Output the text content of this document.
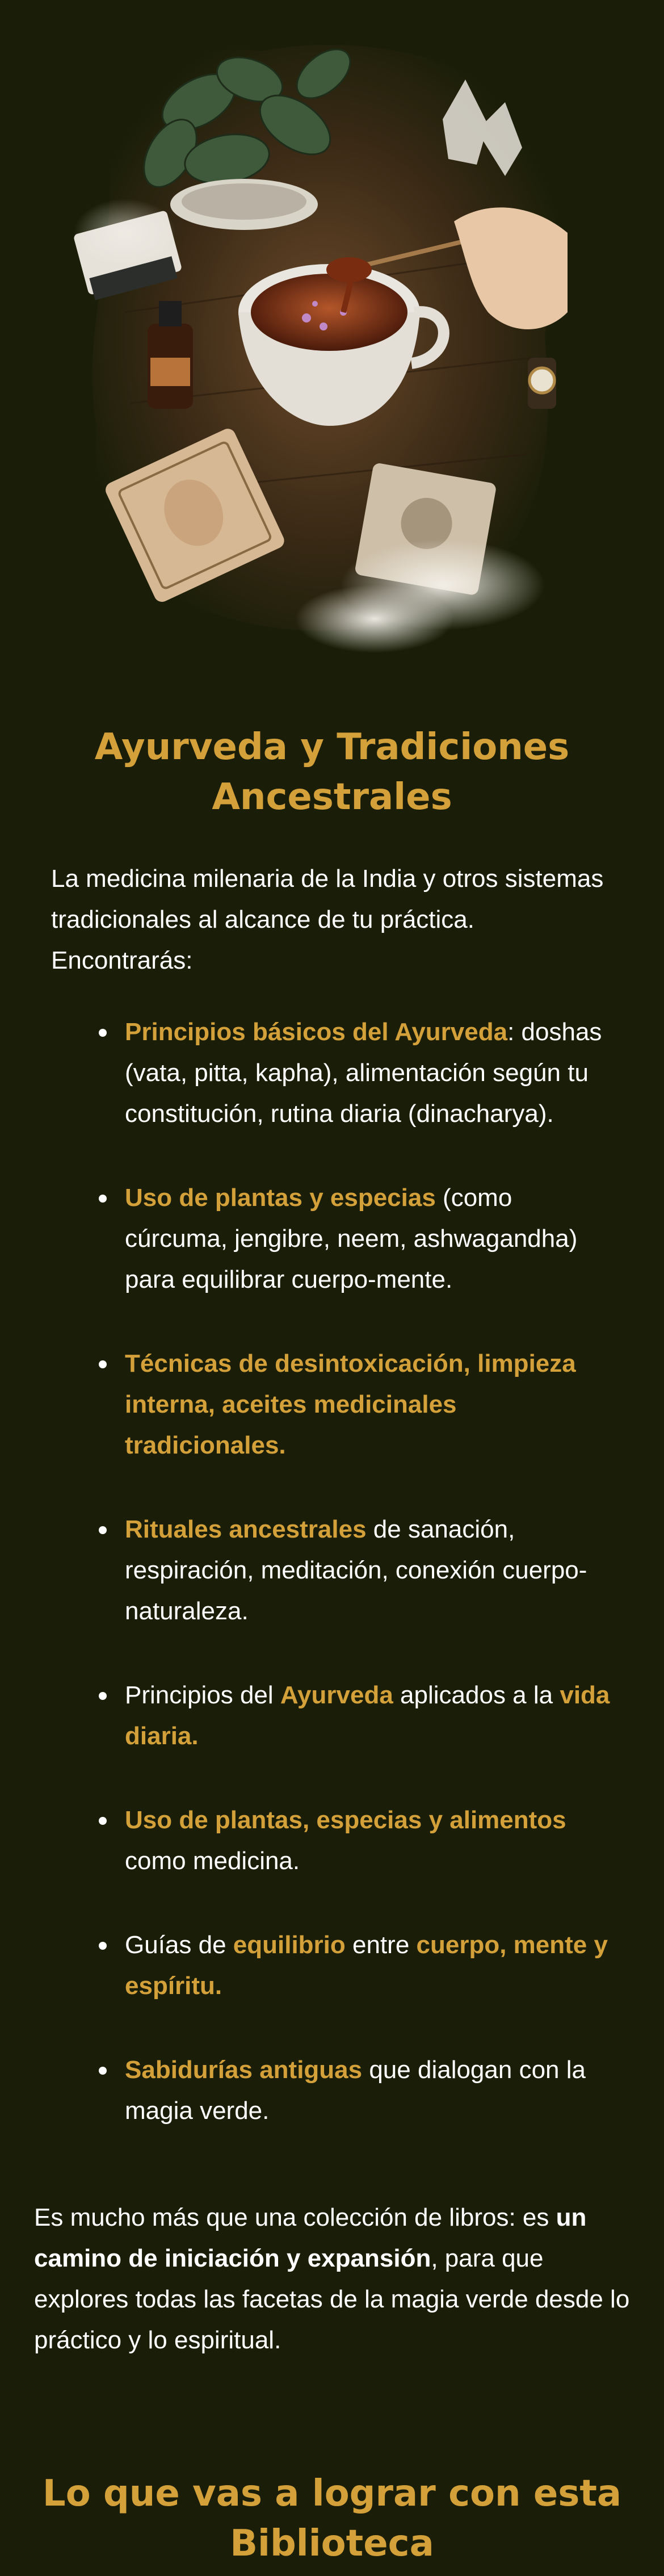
Ayurveda y Tradiciones Ancestrales

La medicina milenaria de la India y otros sistemas tradicionales al alcance de tu práctica. Encontrarás:

Principios básicos del Ayurveda: doshas (vata, pitta, kapha), alimentación según tu constitución, rutina diaria (dinacharya).
Uso de plantas y especias (como cúrcuma, jengibre, neem, ashwagandha) para equilibrar cuerpo-mente.
Técnicas de desintoxicación, limpieza interna, aceites medicinales tradicionales.
Rituales ancestrales de sanación, respiración, meditación, conexión cuerpo-naturaleza.
Principios del Ayurveda aplicados a la vida diaria.
Uso de plantas, especias y alimentos como medicina.
Guías de equilibrio entre cuerpo, mente y espíritu.
Sabidurías antiguas que dialogan con la magia verde.

Es mucho más que una colección de libros: es un camino de iniciación y expansión, para que explores todas las facetas de la magia verde desde lo práctico y lo espiritual.

Lo que vas a lograr con esta Biblioteca
